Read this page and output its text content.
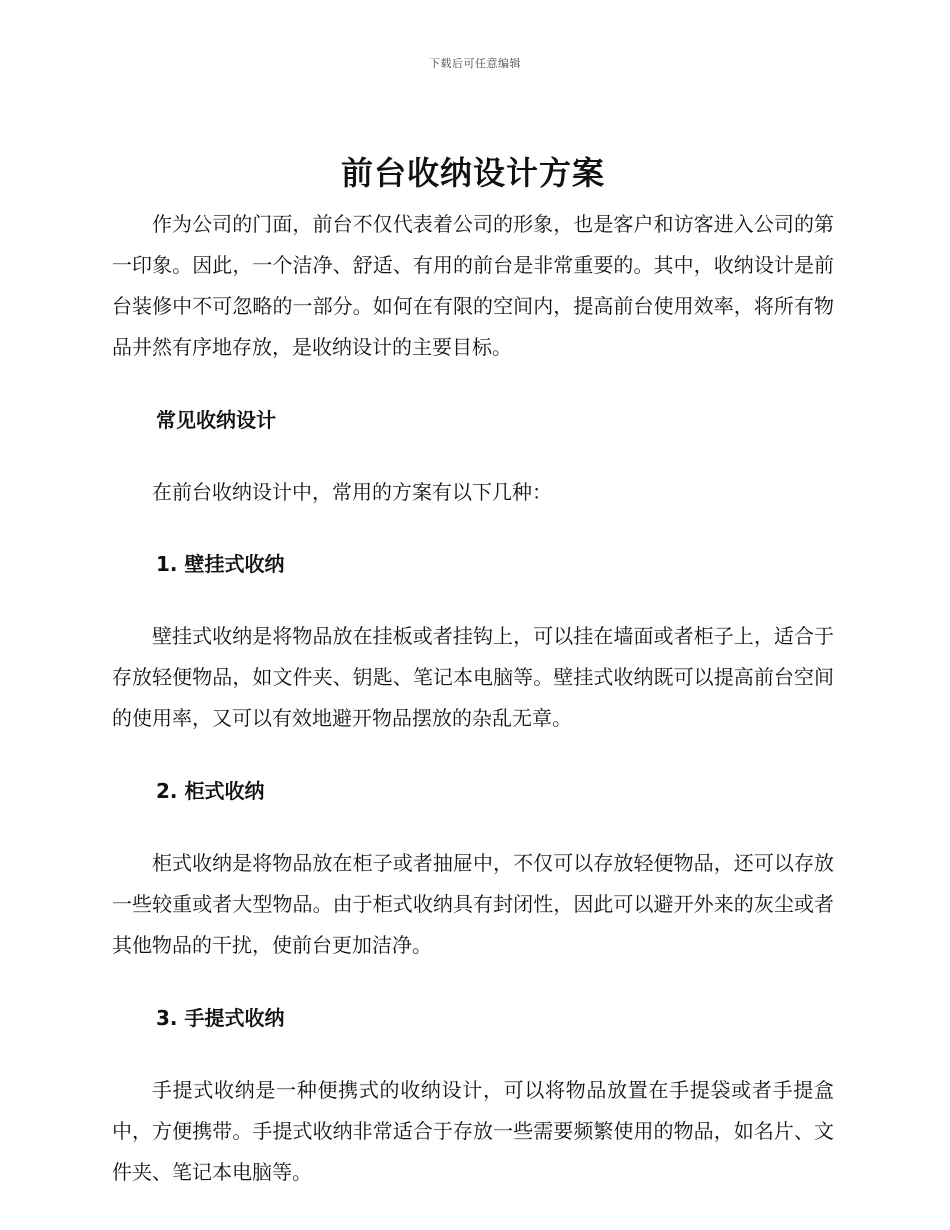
下载后可任意编辑
前台收纳设计方案

作为公司的门面，前台不仅代表着公司的形象，也是客户和访客进入公司的第一印象。因此，一个洁净、舒适、有用的前台是非常重要的。其中，收纳设计是前台装修中不可忽略的一部分。如何在有限的空间内，提高前台使用效率，将所有物品井然有序地存放，是收纳设计的主要目标。

常见收纳设计

在前台收纳设计中，常用的方案有以下几种：

1. 壁挂式收纳

壁挂式收纳是将物品放在挂板或者挂钩上，可以挂在墙面或者柜子上，适合于存放轻便物品，如文件夹、钥匙、笔记本电脑等。壁挂式收纳既可以提高前台空间的使用率，又可以有效地避开物品摆放的杂乱无章。

2. 柜式收纳

柜式收纳是将物品放在柜子或者抽屉中，不仅可以存放轻便物品，还可以存放一些较重或者大型物品。由于柜式收纳具有封闭性，因此可以避开外来的灰尘或者其他物品的干扰，使前台更加洁净。

3. 手提式收纳

手提式收纳是一种便携式的收纳设计，可以将物品放置在手提袋或者手提盒中，方便携带。手提式收纳非常适合于存放一些需要频繁使用的物品，如名片、文件夹、笔记本电脑等。
